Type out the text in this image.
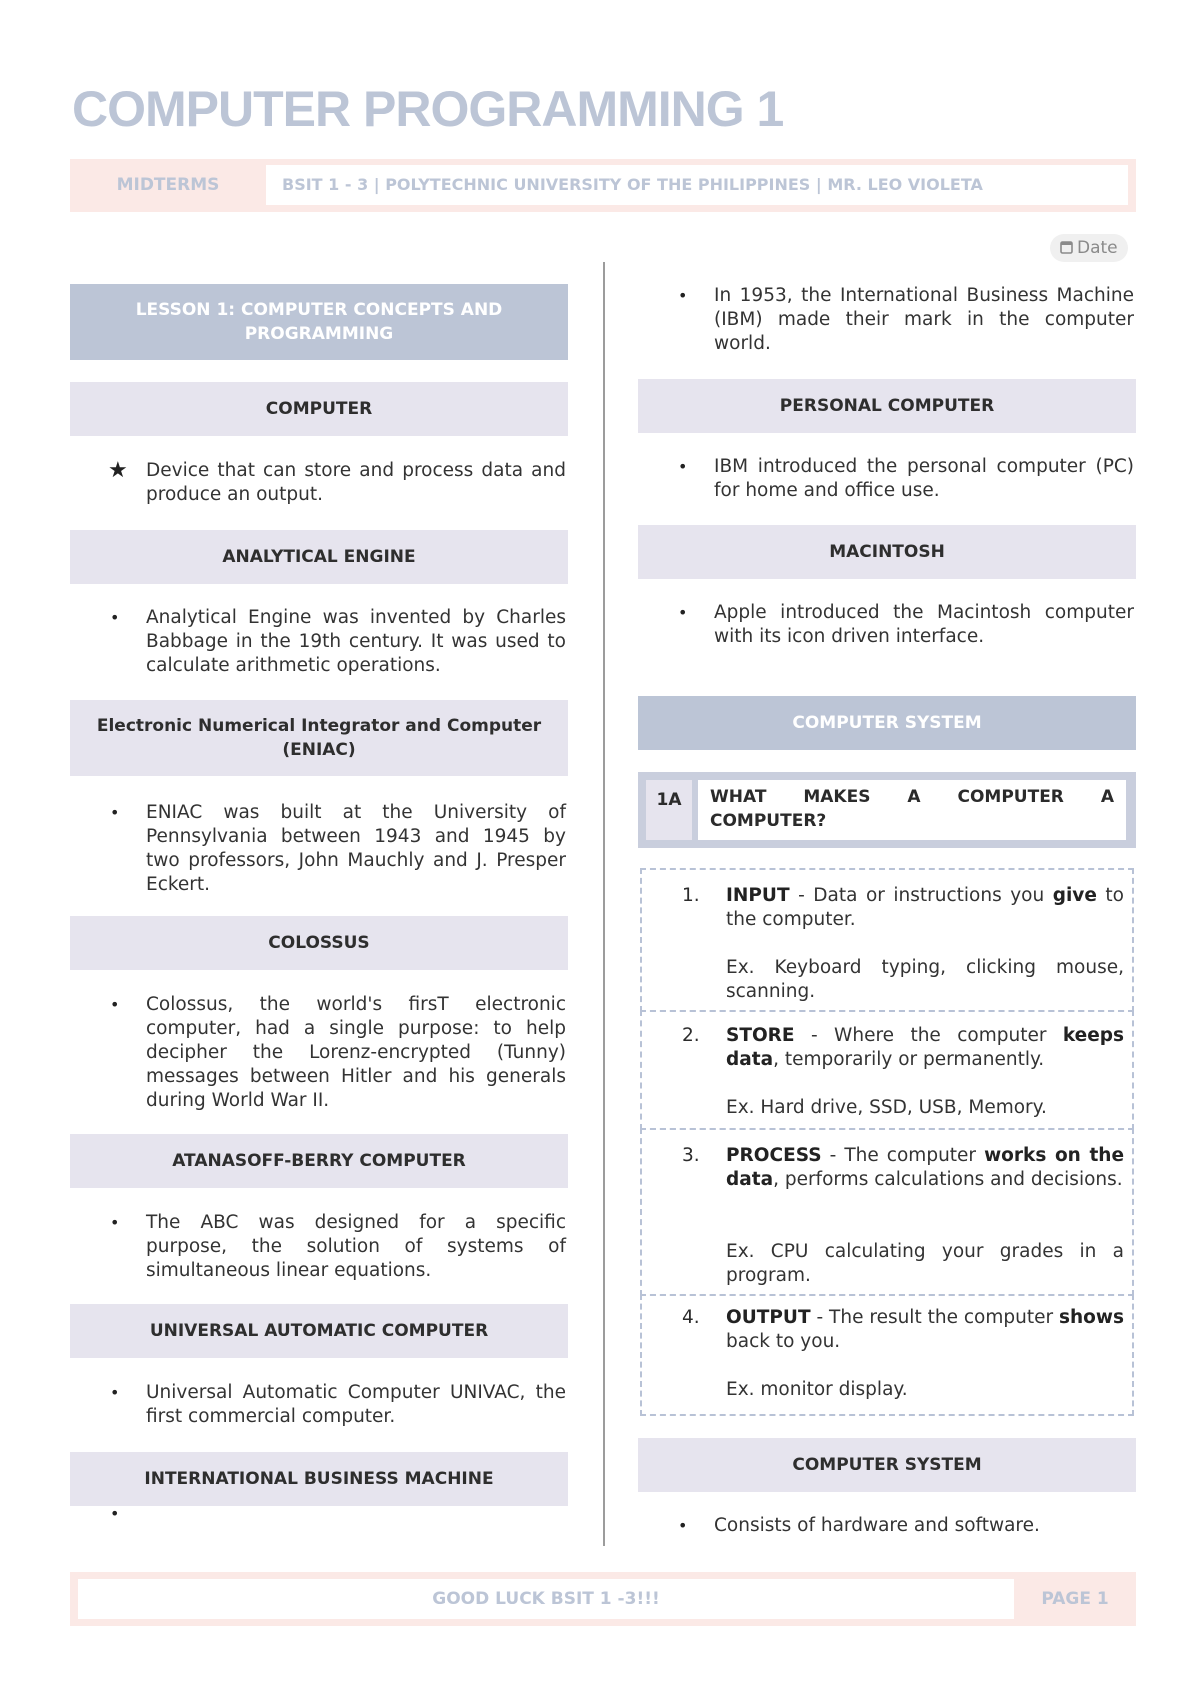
COMPUTER PROGRAMMING 1
MIDTERMS	BSIT 1 - 3 | POLYTECHNIC UNIVERSITY OF THE PHILIPPINES | MR. LEO VIOLETA
Date
LESSON 1: COMPUTER CONCEPTS AND PROGRAMMING
COMPUTER
★ Device that can store and process data and produce an output.
ANALYTICAL ENGINE
• Analytical Engine was invented by Charles Babbage in the 19th century. It was used to calculate arithmetic operations.
Electronic Numerical Integrator and Computer (ENIAC)
• ENIAC was built at the University of Pennsylvania between 1943 and 1945 by two professors, John Mauchly and J. Presper Eckert.
COLOSSUS
• Colossus, the world's firsT electronic computer, had a single purpose: to help decipher the Lorenz-encrypted (Tunny) messages between Hitler and his generals during World War II.
ATANASOFF-BERRY COMPUTER
• The ABC was designed for a specific purpose, the solution of systems of simultaneous linear equations.
UNIVERSAL AUTOMATIC COMPUTER
• Universal Automatic Computer UNIVAC, the first commercial computer.
INTERNATIONAL BUSINESS MACHINE
•
• In 1953, the International Business Machine (IBM) made their mark in the computer world.
PERSONAL COMPUTER
• IBM introduced the personal computer (PC) for home and office use.
MACINTOSH
• Apple introduced the Macintosh computer with its icon driven interface.
COMPUTER SYSTEM
1A	WHAT MAKES A COMPUTER A
COMPUTER?
1. INPUT - Data or instructions you give to the computer.
Ex. Keyboard typing, clicking mouse, scanning.
2. STORE - Where the computer keeps data, temporarily or permanently.
Ex. Hard drive, SSD, USB, Memory.
3. PROCESS - The computer works on the data, performs calculations and decisions.
Ex. CPU calculating your grades in a program.
4. OUTPUT - The result the computer shows back to you.
Ex. monitor display.
COMPUTER SYSTEM
• Consists of hardware and software.
GOOD LUCK BSIT 1 -3!!!	PAGE 1
